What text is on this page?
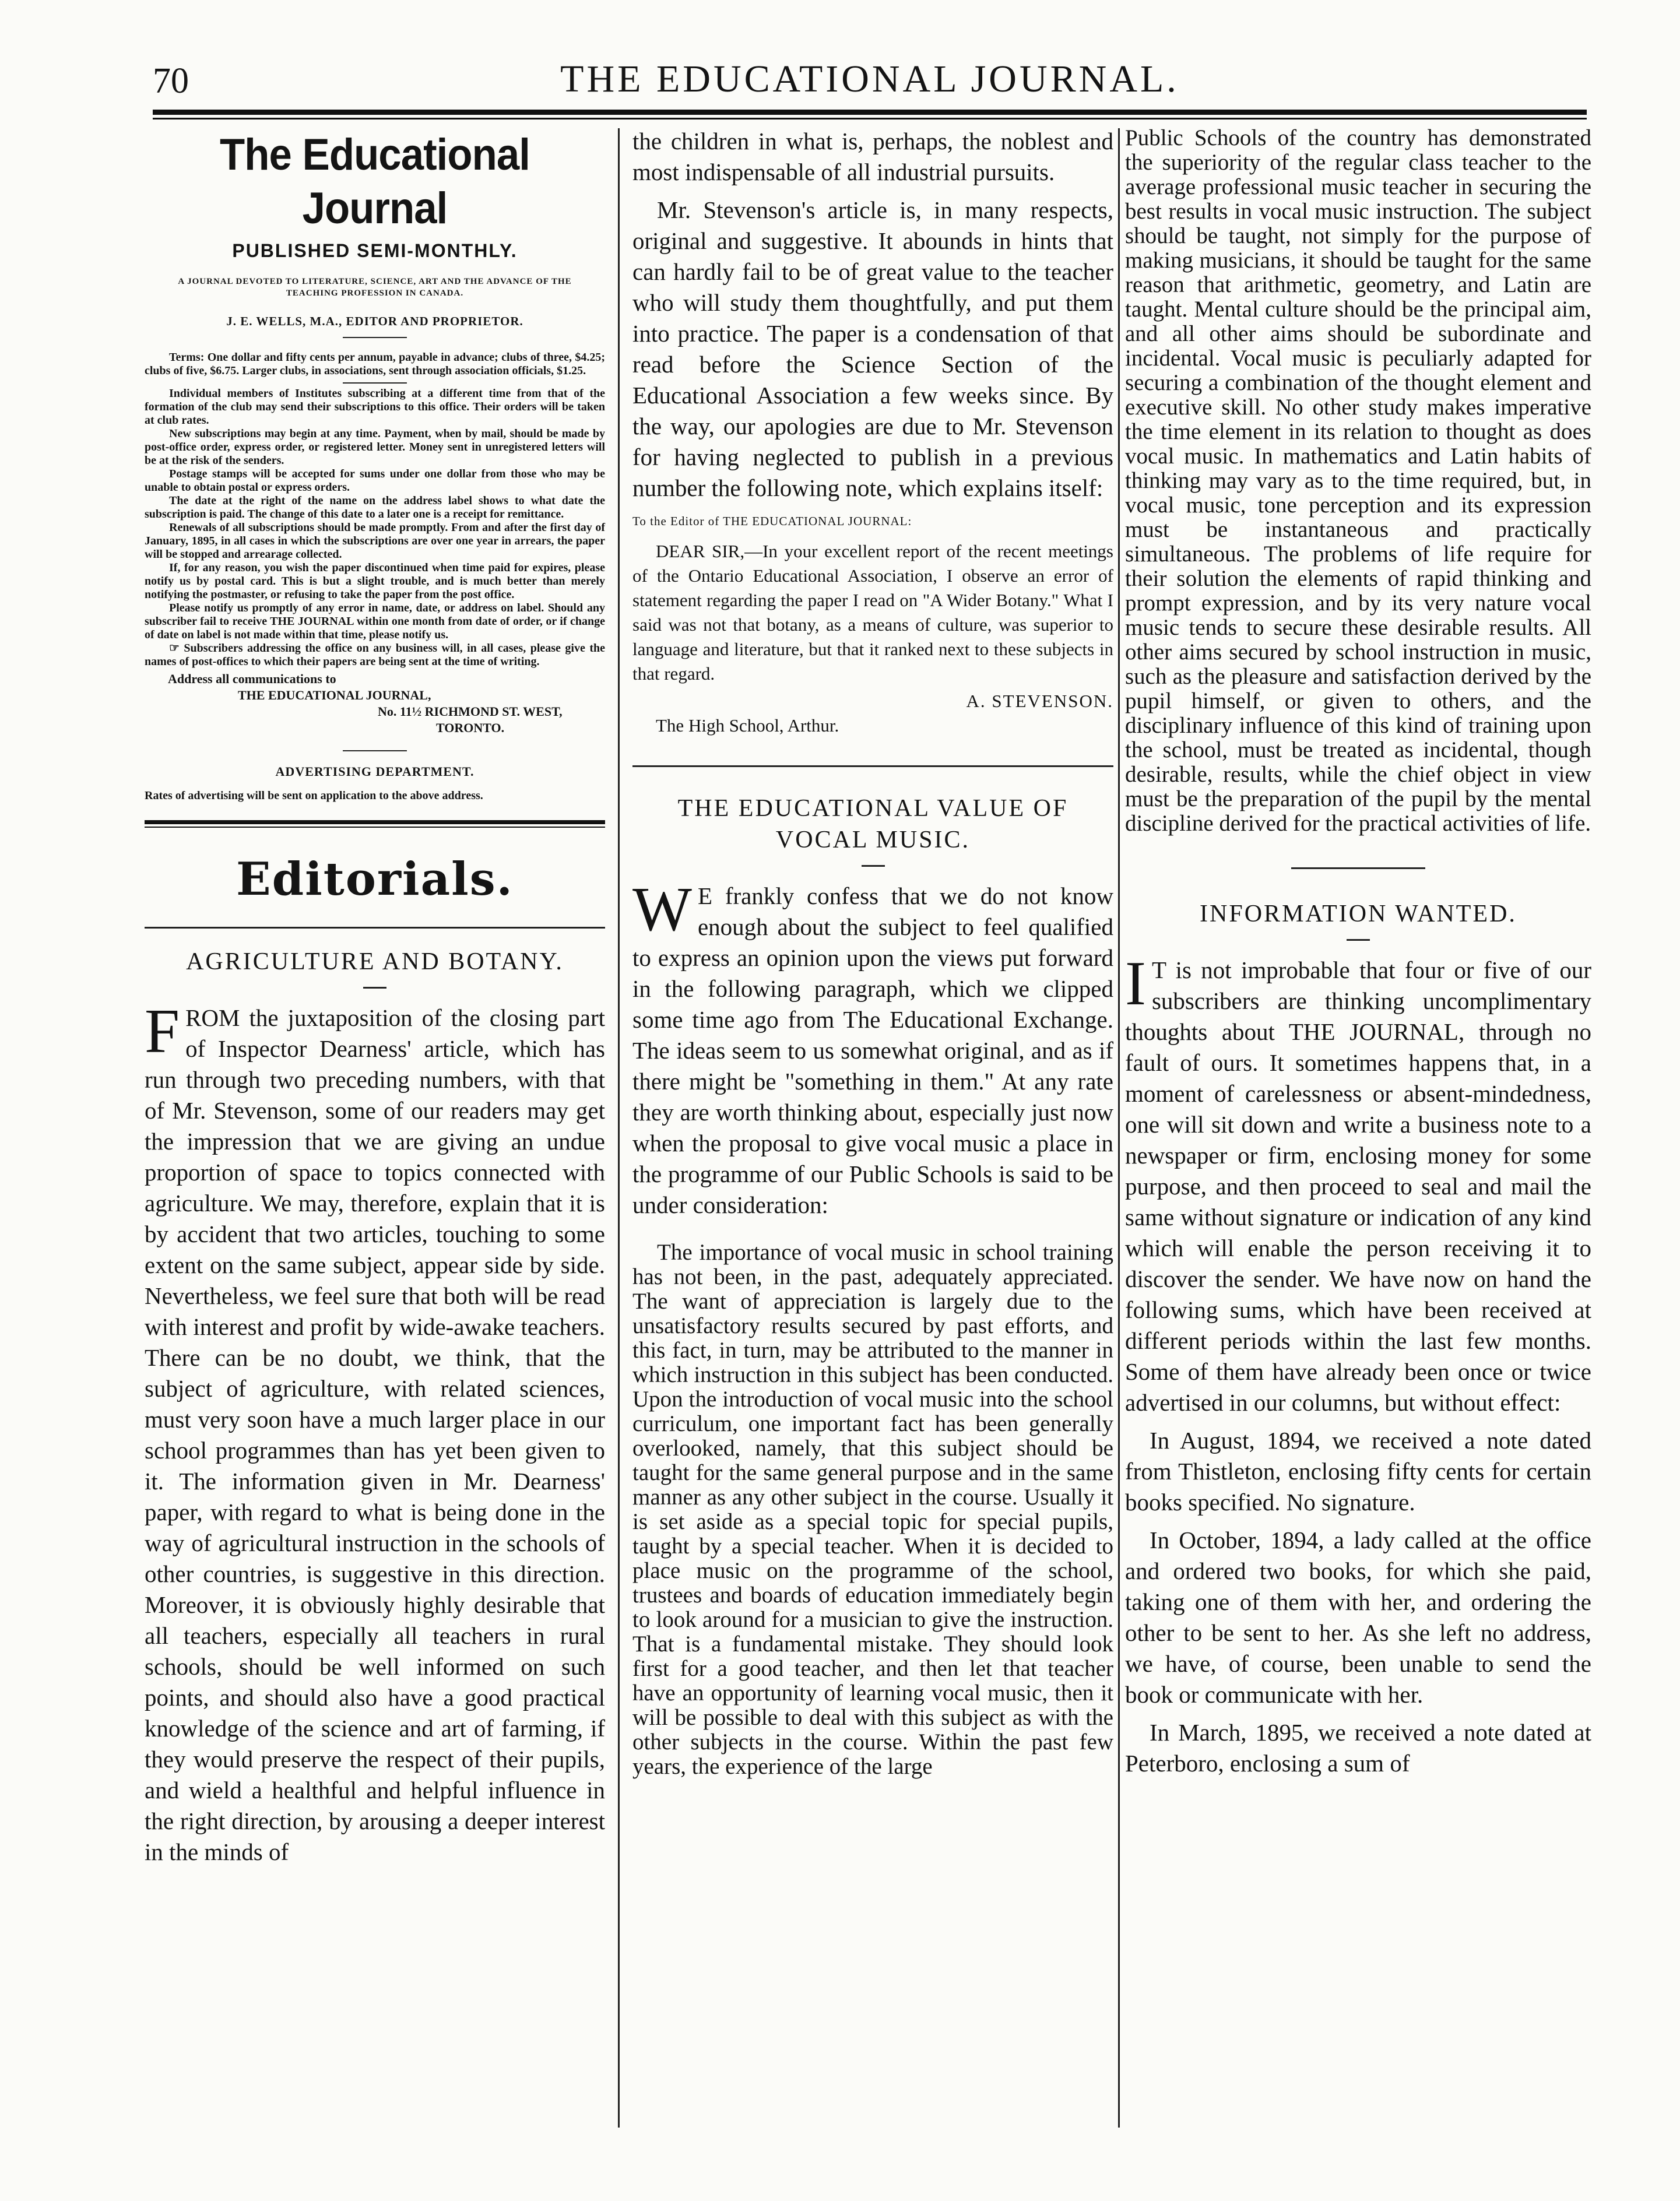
70	THE EDUCATIONAL JOURNAL.
The Educational Journal
PUBLISHED SEMI-MONTHLY.
A JOURNAL DEVOTED TO LITERATURE, SCIENCE, ART AND THE ADVANCE OF THE TEACHING PROFESSION IN CANADA.
J. E. WELLS, M.A., EDITOR AND PROPRIETOR.

Terms: One dollar and fifty cents per annum, payable in advance; clubs of three, $4.25; clubs of five, $6.75. Larger clubs, in associations, sent through association officials, $1.25.

Individual members of Institutes subscribing at a different time from that of the formation of the club may send their subscriptions to this office. Their orders will be taken at club rates.

New subscriptions may begin at any time. Payment, when by mail, should be made by post-office order, express order, or registered letter. Money sent in unregistered letters will be at the risk of the senders.

Postage stamps will be accepted for sums under one dollar from those who may be unable to obtain postal or express orders.

The date at the right of the name on the address label shows to what date the subscription is paid. The change of this date to a later one is a receipt for remittance.

Renewals of all subscriptions should be made promptly. From and after the first day of January, 1895, in all cases in which the subscriptions are over one year in arrears, the paper will be stopped and arrearage collected.

If, for any reason, you wish the paper discontinued when time paid for expires, please notify us by postal card. This is but a slight trouble, and is much better than merely notifying the postmaster, or refusing to take the paper from the post office.

Please notify us promptly of any error in name, date, or address on label. Should any subscriber fail to receive THE JOURNAL within one month from date of order, or if change of date on label is not made within that time, please notify us.

☞ Subscribers addressing the office on any business will, in all cases, please give the names of post-offices to which their papers are being sent at the time of writing.

Address all communications to
THE EDUCATIONAL JOURNAL,
No. 11½ RICHMOND ST. WEST,
TORONTO.
ADVERTISING DEPARTMENT.
Rates of advertising will be sent on application to the above address.
Editorials.
AGRICULTURE AND BOTANY.

FROM the juxtaposition of the closing part of Inspector Dearness' article, which has run through two preceding numbers, with that of Mr. Stevenson, some of our readers may get the impression that we are giving an undue proportion of space to topics connected with agriculture. We may, therefore, explain that it is by accident that two articles, touching to some extent on the same subject, appear side by side. Nevertheless, we feel sure that both will be read with interest and profit by wide-awake teachers. There can be no doubt, we think, that the subject of agriculture, with related sciences, must very soon have a much larger place in our school programmes than has yet been given to it. The information given in Mr. Dearness' paper, with regard to what is being done in the way of agricultural instruction in the schools of other countries, is suggestive in this direction. Moreover, it is obviously highly desirable that all teachers, especially all teachers in rural schools, should be well informed on such points, and should also have a good practical knowledge of the science and art of farming, if they would preserve the respect of their pupils, and wield a healthful and helpful influence in the right direction, by arousing a deeper interest in the minds of

the children in what is, perhaps, the noblest and most indispensable of all industrial pursuits.

Mr. Stevenson's article is, in many respects, original and suggestive. It abounds in hints that can hardly fail to be of great value to the teacher who will study them thoughtfully, and put them into practice. The paper is a condensation of that read before the Science Section of the Educational Association a few weeks since. By the way, our apologies are due to Mr. Stevenson for having neglected to publish in a previous number the following note, which explains itself:

To the Editor of THE EDUCATIONAL JOURNAL:

DEAR SIR,—In your excellent report of the recent meetings of the Ontario Educational Association, I observe an error of statement regarding the paper I read on "A Wider Botany." What I said was not that botany, as a means of culture, was superior to language and literature, but that it ranked next to these subjects in that regard.

A. STEVENSON.
The High School, Arthur.
THE EDUCATIONAL VALUE OF VOCAL MUSIC.

W E frankly confess that we do not know enough about the subject to feel qualified to express an opinion upon the views put forward in the following paragraph, which we clipped some time ago from The Educational Exchange. The ideas seem to us somewhat original, and as if there might be "something in them." At any rate they are worth thinking about, especially just now when the proposal to give vocal music a place in the programme of our Public Schools is said to be under consideration:

The importance of vocal music in school training has not been, in the past, adequately appreciated. The want of appreciation is largely due to the unsatisfactory results secured by past efforts, and this fact, in turn, may be attributed to the manner in which instruction in this subject has been conducted. Upon the introduction of vocal music into the school curriculum, one important fact has been generally overlooked, namely, that this subject should be taught for the same general purpose and in the same manner as any other subject in the course. Usually it is set aside as a special topic for special pupils, taught by a special teacher. When it is decided to place music on the programme of the school, trustees and boards of education immediately begin to look around for a musician to give the instruction. That is a fundamental mistake. They should look first for a good teacher, and then let that teacher have an opportunity of learning vocal music, then it will be possible to deal with this subject as with the other subjects in the course. Within the past few years, the experience of the large

Public Schools of the country has demonstrated the superiority of the regular class teacher to the average professional music teacher in securing the best results in vocal music instruction. The subject should be taught, not simply for the purpose of making musicians, it should be taught for the same reason that arithmetic, geometry, and Latin are taught. Mental culture should be the principal aim, and all other aims should be subordinate and incidental. Vocal music is peculiarly adapted for securing a combination of the thought element and executive skill. No other study makes imperative the time element in its relation to thought as does vocal music. In mathematics and Latin habits of thinking may vary as to the time required, but, in vocal music, tone perception and its expression must be instantaneous and practically simultaneous. The problems of life require for their solution the elements of rapid thinking and prompt expression, and by its very nature vocal music tends to secure these desirable results. All other aims secured by school instruction in music, such as the pleasure and satisfaction derived by the pupil himself, or given to others, and the disciplinary influence of this kind of training upon the school, must be treated as incidental, though desirable, results, while the chief object in view must be the preparation of the pupil by the mental discipline derived for the practical activities of life.

INFORMATION WANTED.

I T is not improbable that four or five of our subscribers are thinking uncomplimentary thoughts about THE JOURNAL, through no fault of ours. It sometimes happens that, in a moment of carelessness or absent-mindedness, one will sit down and write a business note to a newspaper or firm, enclosing money for some purpose, and then proceed to seal and mail the same without signature or indication of any kind which will enable the person receiving it to discover the sender. We have now on hand the following sums, which have been received at different periods within the last few months. Some of them have already been once or twice advertised in our columns, but without effect:

In August, 1894, we received a note dated from Thistleton, enclosing fifty cents for certain books specified. No signature.

In October, 1894, a lady called at the office and ordered two books, for which she paid, taking one of them with her, and ordering the other to be sent to her. As she left no address, we have, of course, been unable to send the book or communicate with her.

In March, 1895, we received a note dated at Peterboro, enclosing a sum of
